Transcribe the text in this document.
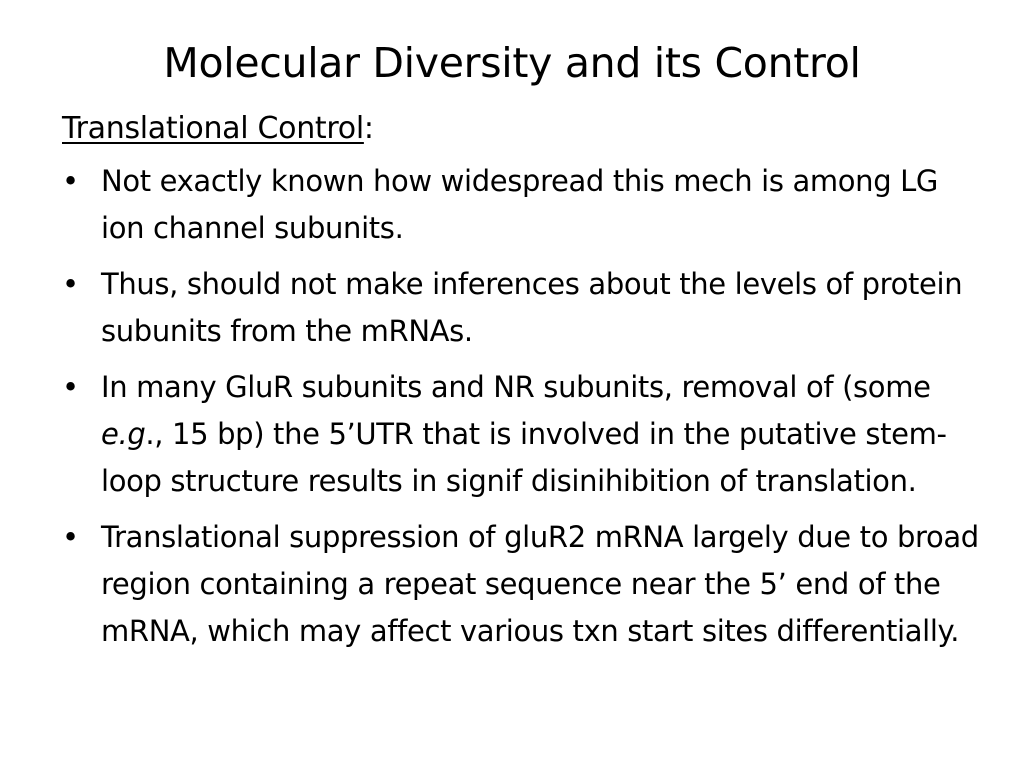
Molecular Diversity and its Control
Translational Control:
• Not exactly known how widespread this mech is among LG ion channel subunits.
• Thus, should not make inferences about the levels of protein subunits from the mRNAs.
• In many GluR subunits and NR subunits, removal of (some e.g., 15 bp) the 5’UTR that is involved in the putative stem-loop structure results in signif disinihibition of translation.
• Translational suppression of gluR2 mRNA largely due to broad region containing a repeat sequence near the 5’ end of the mRNA, which may affect various txn start sites differentially.
